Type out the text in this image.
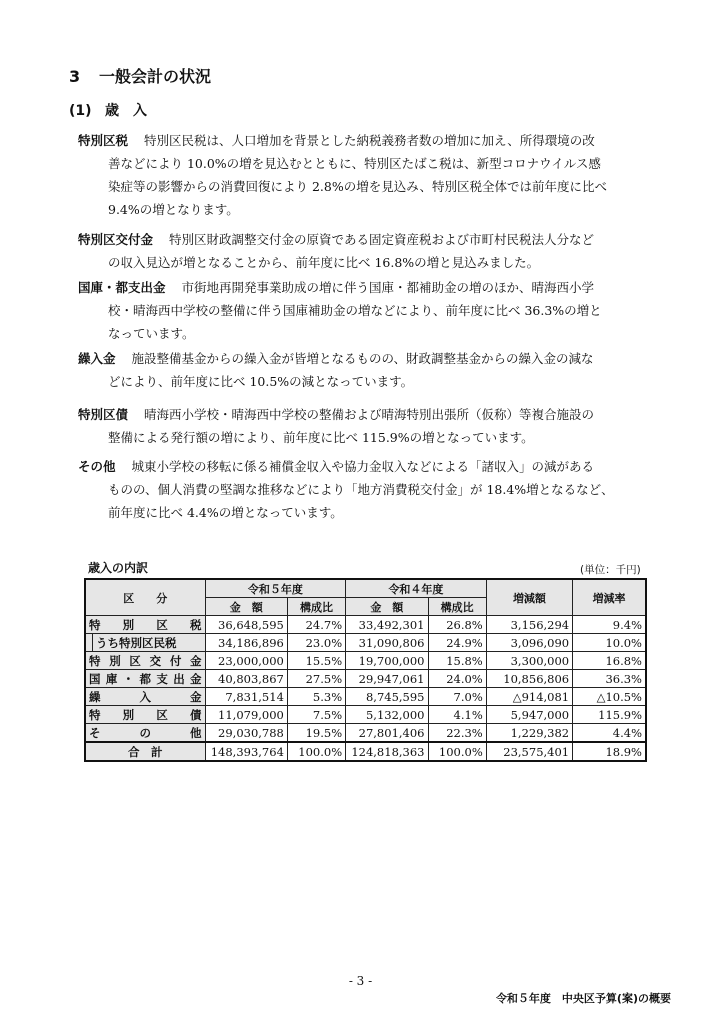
3 一般会計の状況
(1) 歳　入

特別区税 特別区民税は、人口増加を背景とした納税義務者数の増加に加え、所得環境の改
善などにより 10.0%の増を見込むとともに、特別区たばこ税は、新型コロナウイルス感
染症等の影響からの消費回復により 2.8%の増を見込み、特別区税全体では前年度に比べ
9.4%の増となります。

特別区交付金 特別区財政調整交付金の原資である固定資産税および市町村民税法人分など
の収入見込が増となることから、前年度に比べ 16.8%の増と見込みました。

国庫・都支出金 市街地再開発事業助成の増に伴う国庫・都補助金の増のほか、晴海西小学
校・晴海西中学校の整備に伴う国庫補助金の増などにより、前年度に比べ 36.3%の増と
なっています。

繰入金 施設整備基金からの繰入金が皆増となるものの、財政調整基金からの繰入金の減な
どにより、前年度に比べ 10.5%の減となっています。

特別区債 晴海西小学校・晴海西中学校の整備および晴海特別出張所（仮称）等複合施設の
整備による発行額の増により、前年度に比べ 115.9%の増となっています。

その他 城東小学校の移転に係る補償金収入や協力金収入などによる「諸収入」の減がある
ものの、個人消費の堅調な推移などにより「地方消費税交付金」が 18.4%増となるなど、
前年度に比べ 4.4%の増となっています。

歳入の内訳	(単位：千円)
区　　分		令和５年度		令和４年度		増減額	増減率
		金　額	構成比	金　額	構成比		
特別区税		36,648,595	24.7%	33,492,301	26.8%	3,156,294	9.4%
	うち特別区民税	34,186,896	23.0%	31,090,806	24.9%	3,096,090	10.0%
特別区交付金		23,000,000	15.5%	19,700,000	15.8%	3,300,000	16.8%
国庫・都支出金		40,803,867	27.5%	29,947,061	24.0%	10,856,806	36.3%
繰入金		7,831,514	5.3%	8,745,595	7.0%	△914,081	△10.5%
特別区債		11,079,000	7.5%	5,132,000	4.1%	5,947,000	115.9%
その他		29,030,788	19.5%	27,801,406	22.3%	1,229,382	4.4%
合　計		148,393,764	100.0%	124,818,363	100.0%	23,575,401	18.9%
- 3 -
令和５年度　中央区予算(案)の概要
